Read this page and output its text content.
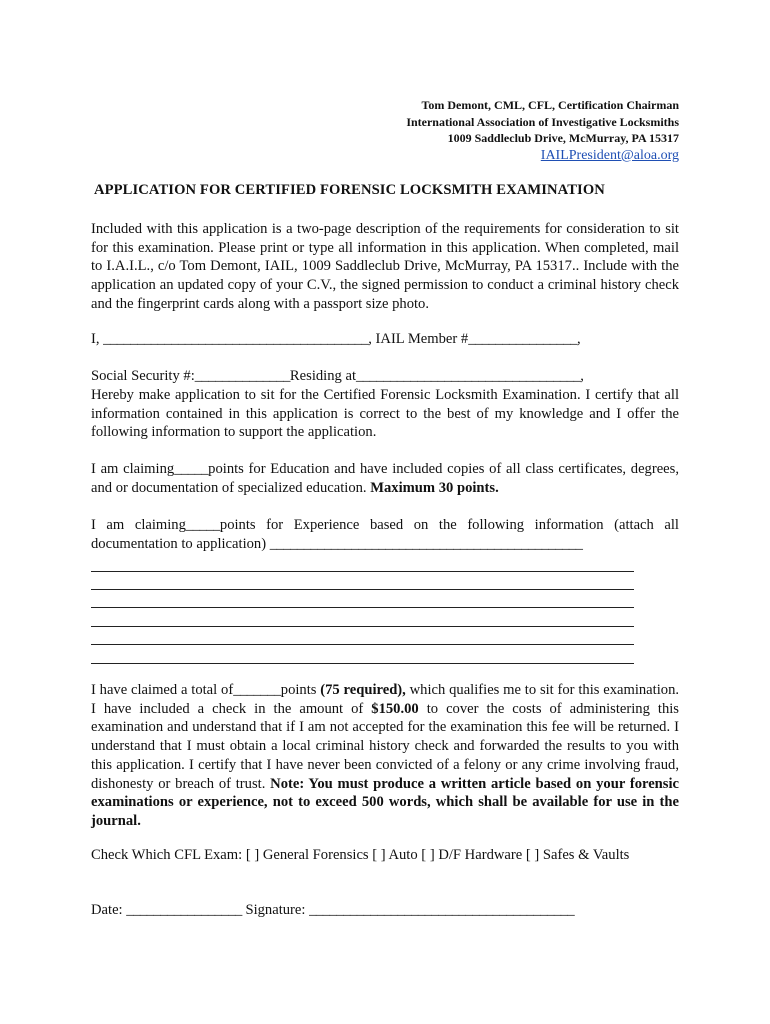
Tom Demont, CML, CFL, Certification Chairman
International Association of Investigative Locksmiths
1009 Saddleclub Drive, McMurray, PA 15317
IAILPresident@aloa.org
APPLICATION FOR CERTIFIED FORENSIC LOCKSMITH EXAMINATION

Included with this application is a two-page description of the requirements for consideration to sit for this examination. Please print or type all information in this application. When completed, mail to I.A.I.L., c/o Tom Demont, IAIL, 1009 Saddleclub Drive, McMurray, PA 15317.. Include with the application an updated copy of your C.V., the signed permission to conduct a criminal history check and the fingerprint cards along with a passport size photo.

I, _______________________________________, IAIL Member #________________,
Social Security #:______________Residing at_________________________________,

Hereby make application to sit for the Certified Forensic Locksmith Examination. I certify that all information contained in this application is correct to the best of my knowledge and I offer the following information to support the application.

I am claiming_____points for Education and have included copies of all class certificates, degrees, and or documentation of specialized education. Maximum 30 points.

I am claiming_____points for Experience based on the following information (attach all documentation to application) ______________________________________________

I have claimed a total of_______points (75 required), which qualifies me to sit for this examination. I have included a check in the amount of $150.00 to cover the costs of administering this examination and understand that if I am not accepted for the examination this fee will be returned. I understand that I must obtain a local criminal history check and forwarded the results to you with this application. I certify that I have never been convicted of a felony or any crime involving fraud, dishonesty or breach of trust. Note: You must produce a written article based on your forensic examinations or experience, not to exceed 500 words, which shall be available for use in the journal.

Check Which CFL Exam: [ ] General Forensics [ ] Auto [ ] D/F Hardware [ ] Safes & Vaults
Date: _________________ Signature: _______________________________________
